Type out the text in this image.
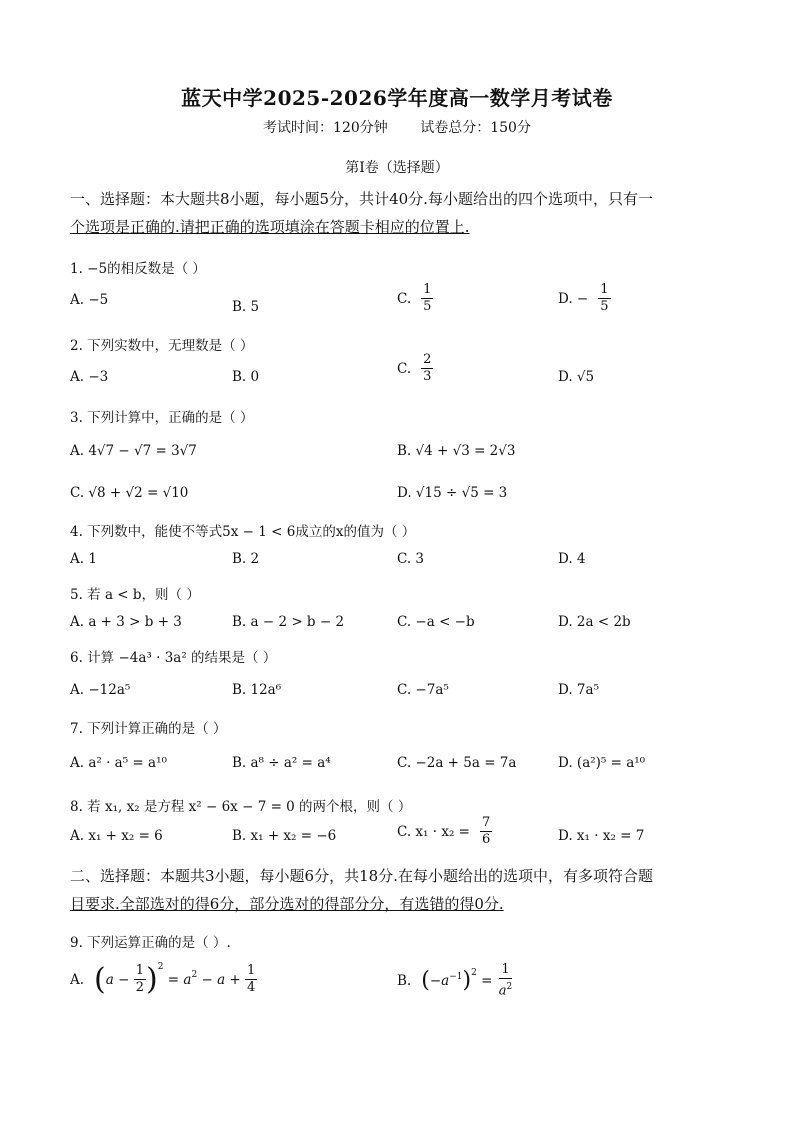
蓝天中学2025-2026学年度高一数学月考试卷
考试时间：120分钟 试卷总分：150分
第Ⅰ卷（选择题）
一、选择题：本大题共8小题，每小题5分，共计40分.每小题给出的四个选项中，只有一
个选项是正确的.请把正确的选项填涂在答题卡相应的位置上.
1. −5的相反数是（ ）
A. −5	B. 5
C. $\frac{1}{5}$	D. − $\frac{1}{5}$
2. 下列实数中，无理数是（ ）
A. −3	B. 0
C. $\frac{2}{3}$	D. √5
3. 下列计算中，正确的是（ ）
A. 4√7 − √7 = 3√7	B. √4 + √3 = 2√3
C. √8 + √2 = √10	D. √15 ÷ √5 = 3
4. 下列数中，能使不等式5x − 1 < 6成立的x的值为（ ）
A. 1	B. 2	C. 3	D. 4
5. 若 a < b，则（ ）
A. a + 3 > b + 3	B. a − 2 > b − 2	C. −a < −b	D. 2a < 2b
6. 计算 −4a³ · 3a² 的结果是（ ）
A. −12a⁵	B. 12a⁶	C. −7a⁵	D. 7a⁵
7. 下列计算正确的是（ ）
A. a² · a⁵ = a¹⁰	B. a⁸ ÷ a² = a⁴	C. −2a + 5a = 7a	D. (a²)⁵ = a¹⁰
8. 若 x₁, x₂ 是方程 x² − 6x − 7 = 0 的两个根，则（ ）
A. x₁ + x₂ = 6	B. x₁ + x₂ = −6	C. $x_1 \cdot x_2 = \frac{7}{6}$	D. x₁ · x₂ = 7
二、选择题：本题共3小题，每小题6分，共18分.在每小题给出的选项中，有多项符合题
目要求.全部选对的得6分，部分选对的得部分分，有选错的得0分.
9. 下列运算正确的是（ ）.
A. ( $a - \frac{1}{2} )^2$
= $a^2 - a + \frac{1}{4}$	B. ( $-a^{-1}$ )$^2 = \frac{1}{a^2}$
